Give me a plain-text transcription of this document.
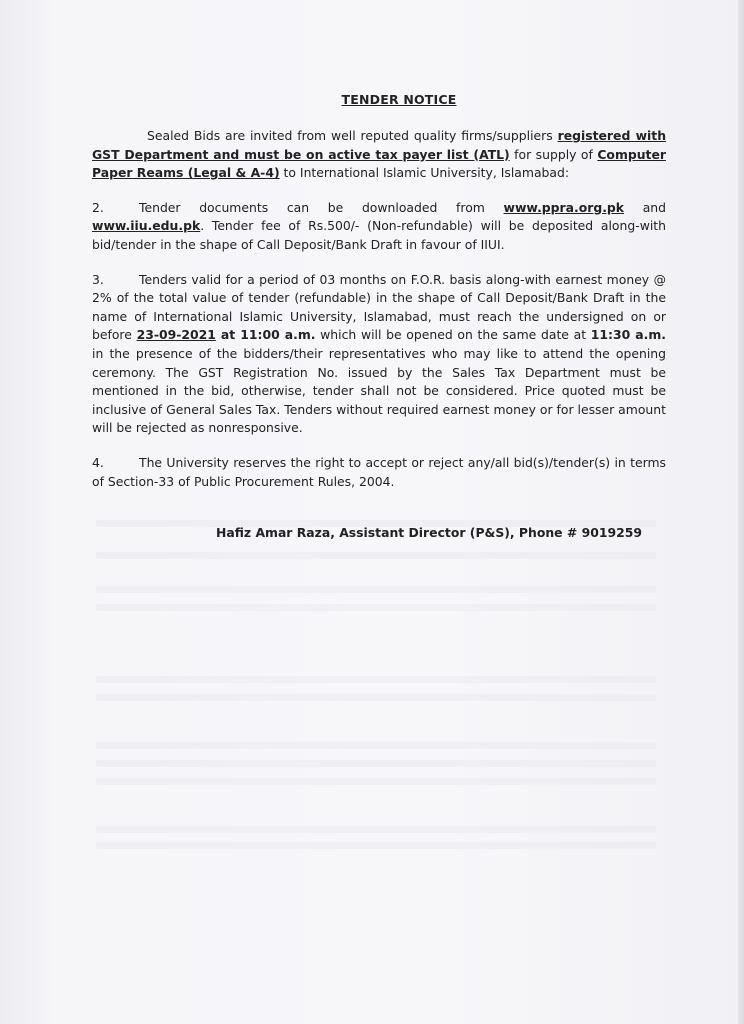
TENDER NOTICE

Sealed Bids are invited from well reputed quality firms/suppliers registered with GST Department and must be on active tax payer list (ATL) for supply of Computer Paper Reams (Legal & A-4) to International Islamic University, Islamabad:

2.	Tender documents can be downloaded from www.ppra.org.pk and www.iiu.edu.pk. Tender fee of Rs.500/- (Non-refundable) will be deposited along-with bid/tender in the shape of Call Deposit/Bank Draft in favour of IIUI.

3.	Tenders valid for a period of 03 months on F.O.R. basis along-with earnest money @ 2% of the total value of tender (refundable) in the shape of Call Deposit/Bank Draft in the name of International Islamic University, Islamabad, must reach the undersigned on or before 23-09-2021 at 11:00 a.m. which will be opened on the same date at 11:30 a.m. in the presence of the bidders/their representatives who may like to attend the opening ceremony. The GST Registration No. issued by the Sales Tax Department must be mentioned in the bid, otherwise, tender shall not be considered. Price quoted must be inclusive of General Sales Tax. Tenders without required earnest money or for lesser amount will be rejected as nonresponsive.

4.	The University reserves the right to accept or reject any/all bid(s)/tender(s) in terms of Section-33 of Public Procurement Rules, 2004.

Hafiz Amar Raza, Assistant Director (P&S), Phone # 9019259
